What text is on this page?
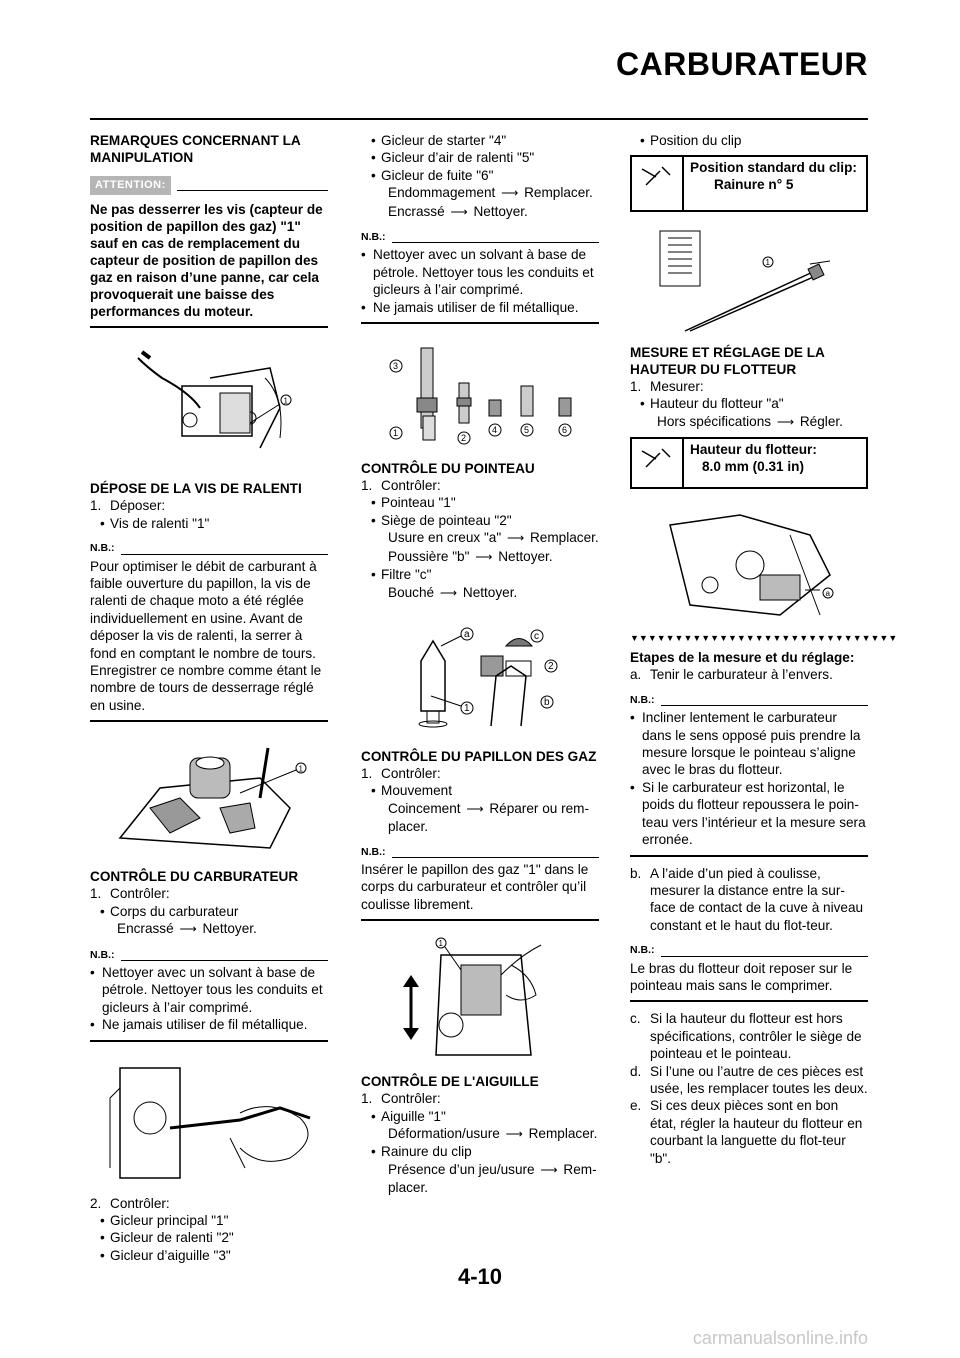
CARBURATEUR
REMARQUES CONCERNANT LA MANIPULATION
ATTENTION:
Ne pas desserrer les vis (capteur de position de papillon des gaz) "1" sauf en cas de remplacement du capteur de position de papillon des gaz en raison d’une panne, car cela provoquerait une baisse des performances du moteur.
1
DÉPOSE DE LA VIS DE RALENTI
1. Déposer:
• Vis de ralenti "1"
N.B.:
Pour optimiser le débit de carburant à faible ouverture du papillon, la vis de ralenti de chaque moto a été réglée individuellement en usine. Avant de déposer la vis de ralenti, la serrer à fond en comptant le nombre de tours. Enregistrer ce nombre comme étant le nombre de tours de desserrage réglé en usine.
1
CONTRÔLE DU CARBURATEUR
1. Contrôler:
• Corps du carburateur
Encrassé ⟶ Nettoyer.
N.B.:
• Nettoyer avec un solvant à base de pétrole. Nettoyer tous les conduits et gicleurs à l’air comprimé.
• Ne jamais utiliser de fil métallique.
2. Contrôler:
• Gicleur principal "1"
• Gicleur de ralenti "2"
• Gicleur d’aiguille "3"
• Gicleur de starter "4"
• Gicleur d’air de ralenti "5"
• Gicleur de fuite "6"
Endommagement ⟶ Remplacer.
Encrassé ⟶ Nettoyer.
N.B.:
• Nettoyer avec un solvant à base de pétrole. Nettoyer tous les conduits et gicleurs à l’air comprimé.
• Ne jamais utiliser de fil métallique.
3
1	2
4	5	6
CONTRÔLE DU POINTEAU
1. Contrôler:
• Pointeau "1"
• Siège de pointeau "2"
Usure en creux "a" ⟶ Remplacer.
Poussière "b" ⟶ Nettoyer.
• Filtre "c"
Bouché ⟶ Nettoyer.
a	c
2
1
b
CONTRÔLE DU PAPILLON DES GAZ
1. Contrôler:
• Mouvement
Coincement ⟶ Réparer ou rem-placer.
N.B.:
Insérer le papillon des gaz "1" dans le corps du carburateur et contrôler qu’il coulisse librement.
1
CONTRÔLE DE L'AIGUILLE
1. Contrôler:
• Aiguille "1"
Déformation/usure ⟶ Remplacer.
• Rainure du clip
Présence d’un jeu/usure ⟶ Rem-placer.
• Position du clip
Position standard du clip:
Rainure n° 5
1
MESURE ET RÉGLAGE DE LA HAUTEUR DU FLOTTEUR
1. Mesurer:
• Hauteur du flotteur "a"
Hors spécifications ⟶ Régler.
Hauteur du flotteur:
8.0 mm (0.31 in)
a
▼▼▼▼▼▼▼▼▼▼▼▼▼▼▼▼▼▼▼▼▼▼▼▼▼▼▼▼▼▼
Etapes de la mesure et du réglage:
a. Tenir le carburateur à l’envers.
N.B.:
• Incliner lentement le carburateur dans le sens opposé puis prendre la mesure lorsque le pointeau s’aligne avec le bras du flotteur.
• Si le carburateur est horizontal, le poids du flotteur repoussera le poin-teau vers l’intérieur et la mesure sera erronée.
b. A l’aide d’un pied à coulisse, mesurer la distance entre la sur-face de contact de la cuve à niveau constant et le haut du flot-teur.
N.B.:
Le bras du flotteur doit reposer sur le pointeau mais sans le comprimer.
c. Si la hauteur du flotteur est hors spécifications, contrôler le siège de pointeau et le pointeau.
d. Si l’une ou l’autre de ces pièces est usée, les remplacer toutes les deux.
e. Si ces deux pièces sont en bon état, régler la hauteur du flotteur en courbant la languette du flot-teur "b".
4-10
carmanualsonline.info
